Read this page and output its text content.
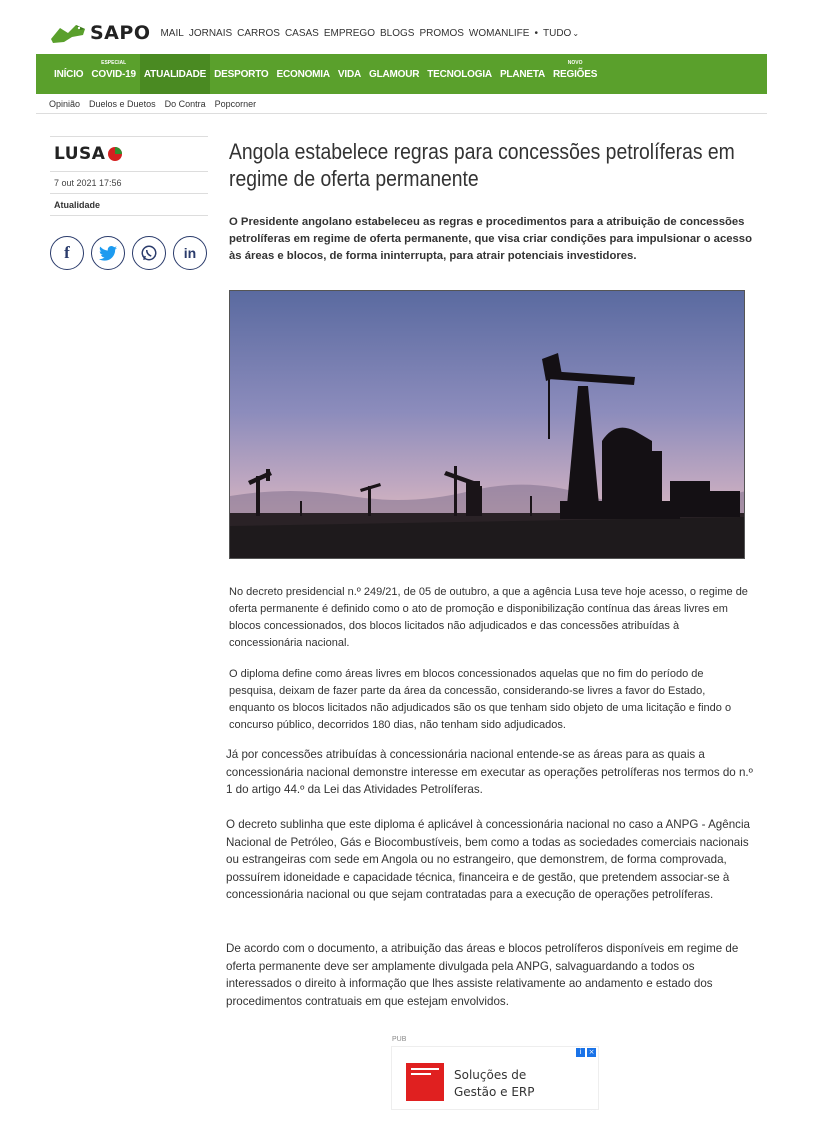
SAPO MAIL JORNAIS CARROS CASAS EMPREGO BLOGS PROMOS WOMANLIFE • TUDO⌄
INÍCIO
ESPECIAL
COVID-19 ATUALIDADE DESPORTO ECONOMIA VIDA GLAMOUR TECNOLOGIA PLANETA
NOVO
REGIÕES
Opinião Duelos e Duetos Do Contra Popcorner
LUSA
7 out 2021 17:56
Atualidade
f	in
Angola estabelece regras para concessões petrolíferas em regime de oferta permanente
O Presidente angolano estabeleceu as regras e procedimentos para a atribuição de concessões petrolíferas em regime de oferta permanente, que visa criar condições para impulsionar o acesso às áreas e blocos, de forma ininterrupta, para atrair potenciais investidores.
No decreto presidencial n.º 249/21, de 05 de outubro, a que a agência Lusa teve hoje acesso, o regime de oferta permanente é definido como o ato de promoção e disponibilização contínua das áreas livres em blocos concessionados, dos blocos licitados não adjudicados e das concessões atribuídas à concessionária nacional.
O diploma define como áreas livres em blocos concessionados aquelas que no fim do período de pesquisa, deixam de fazer parte da área da concessão, considerando-se livres a favor do Estado, enquanto os blocos licitados não adjudicados são os que tenham sido objeto de uma licitação e findo o concurso público, decorridos 180 dias, não tenham sido adjudicados.
Já por concessões atribuídas à concessionária nacional entende-se as áreas para as quais a concessionária nacional demonstre interesse em executar as operações petrolíferas nos termos do n.º 1 do artigo 44.º da Lei das Atividades Petrolíferas.
O decreto sublinha que este diploma é aplicável à concessionária nacional no caso a ANPG - Agência Nacional de Petróleo, Gás e Biocombustíveis, bem como a todas as sociedades comerciais nacionais ou estrangeiras com sede em Angola ou no estrangeiro, que demonstrem, de forma comprovada, possuírem idoneidade e capacidade técnica, financeira e de gestão, que pretendem associar-se à concessionária nacional ou que sejam contratadas para a execução de operações petrolíferas.
De acordo com o documento, a atribuição das áreas e blocos petrolíferos disponíveis em regime de oferta permanente deve ser amplamente divulgada pela ANPG, salvaguardando a todos os interessados o direito à informação que lhes assiste relativamente ao andamento e estado dos procedimentos contratuais em que estejam envolvidos.
PUB
i	×
Soluções de
Gestão e ERP
